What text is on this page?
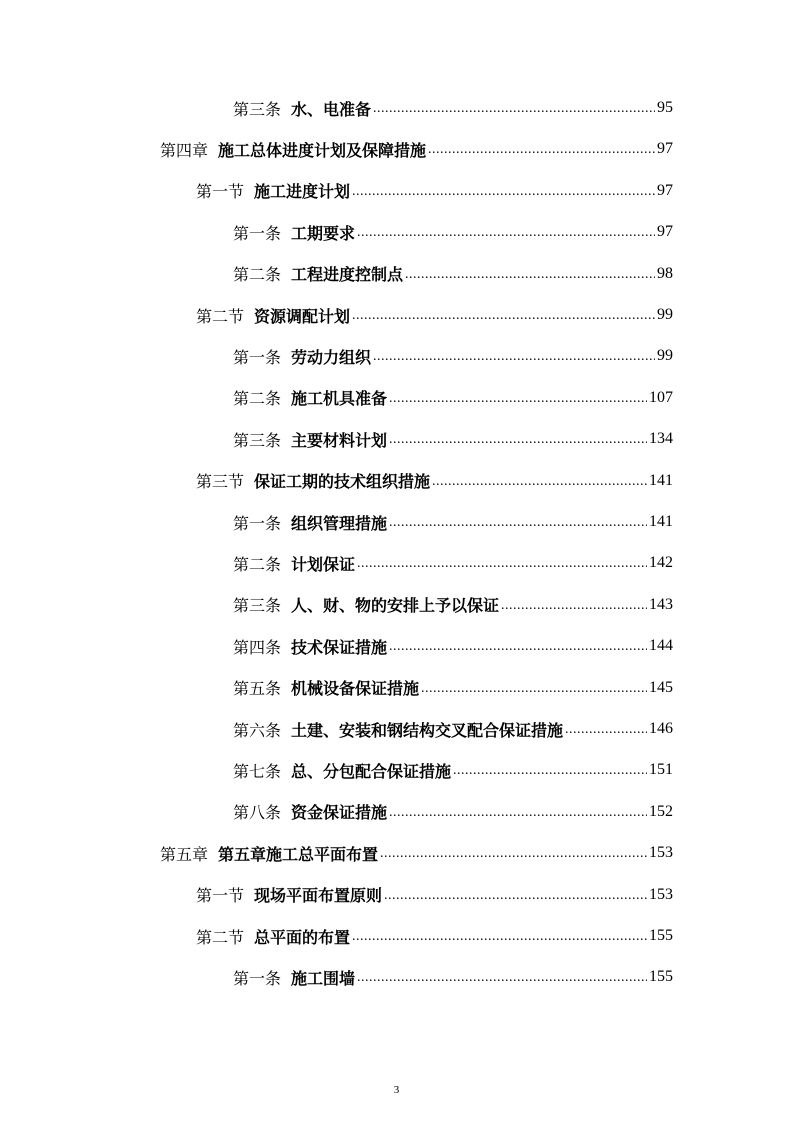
第三条 水、电准备 .....	95
第四章 施工总体进度计划及保障措施 .....	97
第一节 施工进度计划 .....	97
第一条 工期要求 .....	97
第二条 工程进度控制点 .....	98
第二节 资源调配计划 .....	99
第一条 劳动力组织 .....	99
第二条 施工机具准备 .....	107
第三条 主要材料计划 .....	134
第三节 保证工期的技术组织措施 .....	141
第一条 组织管理措施 .....	141
第二条 计划保证 .....	142
第三条 人、财、物的安排上予以保证 .....	143
第四条 技术保证措施 .....	144
第五条 机械设备保证措施 .....	145
第六条 土建、安装和钢结构交叉配合保证措施 .....	146
第七条 总、分包配合保证措施 .....	151
第八条 资金保证措施 .....	152
第五章 第五章施工总平面布置 .....	153
第一节 现场平面布置原则 .....	153
第二节 总平面的布置 .....	155
第一条 施工围墙 .....	155
3
